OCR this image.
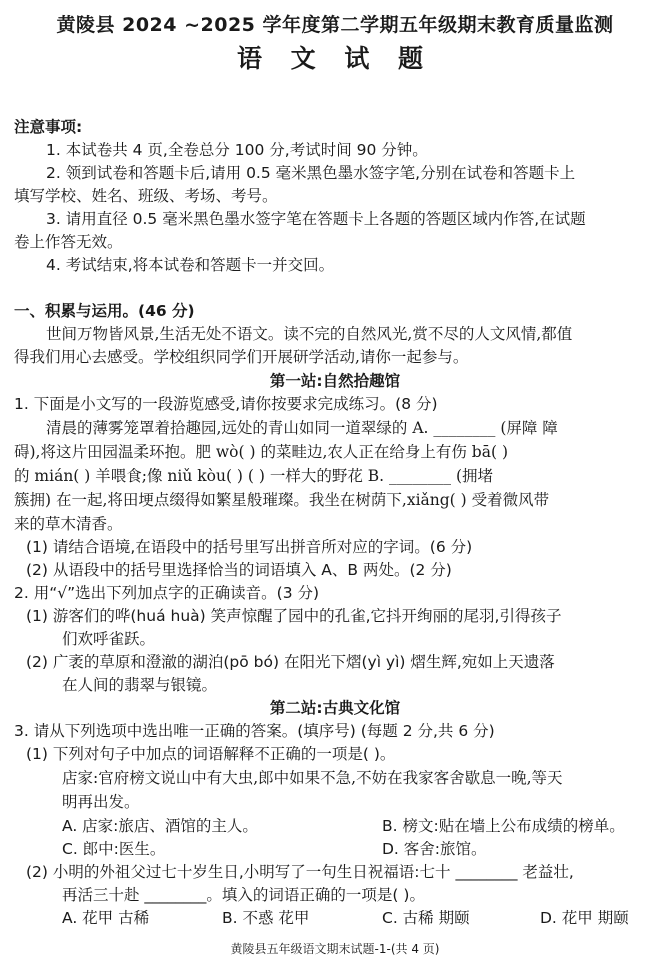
黄陵县 2024 ~2025 学年度第二学期五年级期末教育质量监测
语 文 试 题
注意事项:
1. 本试卷共 4 页,全卷总分 100 分,考试时间 90 分钟。
2. 领到试卷和答题卡后,请用 0.5 毫米黑色墨水签字笔,分别在试卷和答题卡上
填写学校、姓名、班级、考场、考号。
3. 请用直径 0.5 毫米黑色墨水签字笔在答题卡上各题的答题区域内作答,在试题
卷上作答无效。
4. 考试结束,将本试卷和答题卡一并交回。
一、积累与运用。(46 分)
世间万物皆风景,生活无处不语文。读不完的自然风光,赏不尽的人文风情,都值
得我们用心去感受。学校组织同学们开展研学活动,请你一起参与。
第一站:自然拾趣馆
1. 下面是小文写的一段游览感受,请你按要求完成练习。(8 分)
清晨的薄雾笼罩着拾趣园,远处的青山如同一道翠绿的 A. ________ (屏障 障
碍),将这片田园温柔环抱。肥 wò( ) 的菜畦边,农人正在给身上有伤 bā( )
的 mián( ) 羊喂食;像 niǔ kòu( ) ( ) 一样大的野花 B. ________ (拥堵
簇拥) 在一起,将田埂点缀得如繁星般璀璨。我坐在树荫下,xiǎng( ) 受着微风带
来的草木清香。
(1) 请结合语境,在语段中的括号里写出拼音所对应的字词。(6 分)
(2) 从语段中的括号里选择恰当的词语填入 A、B 两处。(2 分)
2. 用“√”选出下列加点字的正确读音。(3 分)
(1) 游客们的哗(huá huà) 笑声惊醒了园中的孔雀,它抖开绚丽的尾羽,引得孩子
们欢呼雀跃。
(2) 广袤的草原和澄澈的湖泊(pō bó) 在阳光下熠(yì yì) 熠生辉,宛如上天遗落
在人间的翡翠与银镜。
第二站:古典文化馆
3. 请从下列选项中选出唯一正确的答案。(填序号) (每题 2 分,共 6 分)
(1) 下列对句子中加点的词语解释不正确的一项是( )。
店家:官府榜文说山中有大虫,郎中如果不急,不妨在我家客舍歇息一晚,等天
明再出发。
A. 店家:旅店、酒馆的主人。	B. 榜文:贴在墙上公布成绩的榜单。
C. 郎中:医生。	D. 客舍:旅馆。
(2) 小明的外祖父过七十岁生日,小明写了一句生日祝福语:七十 ________ 老益壮,
再活三十赴 ________。填入的词语正确的一项是( )。
A. 花甲 古稀	B. 不惑 花甲	C. 古稀 期颐	D. 花甲 期颐
黄陵县五年级语文期末试题-1-(共 4 页)
